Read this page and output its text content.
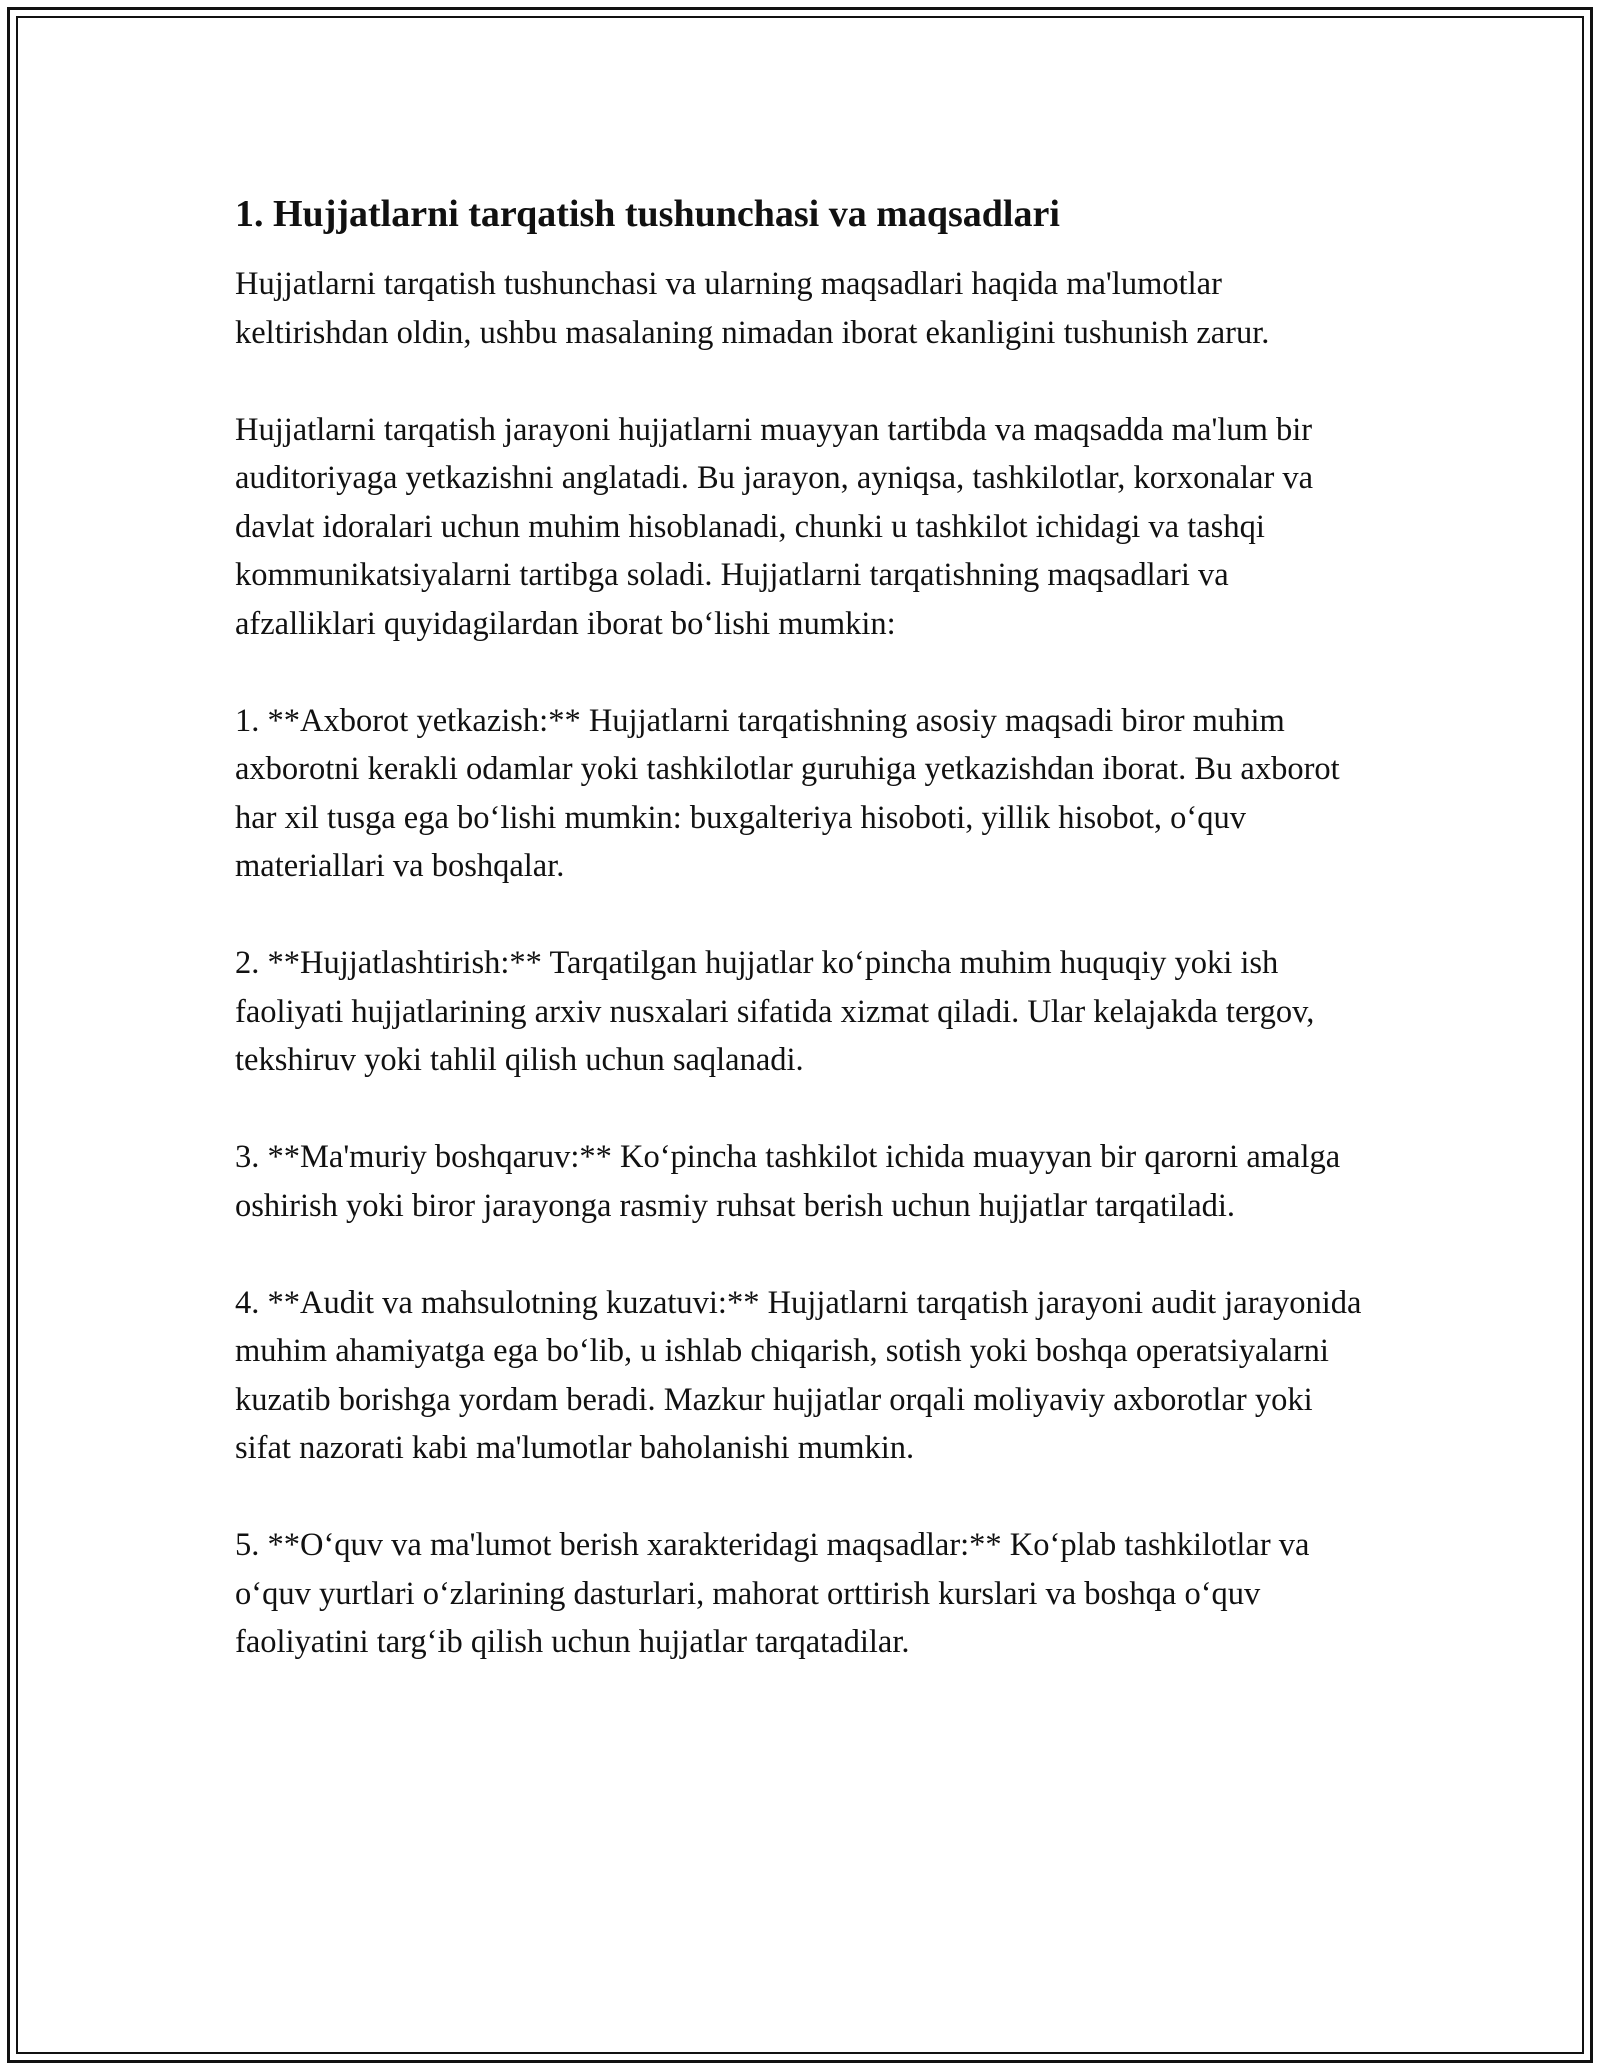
1. Hujjatlarni tarqatish tushunchasi va maqsadlari

Hujjatlarni tarqatish tushunchasi va ularning maqsadlari haqida ma'lumotlar keltirishdan oldin, ushbu masalaning nimadan iborat ekanligini tushunish zarur.

Hujjatlarni tarqatish jarayoni hujjatlarni muayyan tartibda va maqsadda ma'lum bir auditoriyaga yetkazishni anglatadi. Bu jarayon, ayniqsa, tashkilotlar, korxonalar va davlat idoralari uchun muhim hisoblanadi, chunki u tashkilot ichidagi va tashqi kommunikatsiyalarni tartibga soladi. Hujjatlarni tarqatishning maqsadlari va afzalliklari quyidagilardan iborat bo‘lishi mumkin:

1. **Axborot yetkazish:** Hujjatlarni tarqatishning asosiy maqsadi biror muhim axborotni kerakli odamlar yoki tashkilotlar guruhiga yetkazishdan iborat. Bu axborot har xil tusga ega bo‘lishi mumkin: buxgalteriya hisoboti, yillik hisobot, o‘quv materiallari va boshqalar.

2. **Hujjatlashtirish:** Tarqatilgan hujjatlar ko‘pincha muhim huquqiy yoki ish faoliyati hujjatlarining arxiv nusxalari sifatida xizmat qiladi. Ular kelajakda tergov, tekshiruv yoki tahlil qilish uchun saqlanadi.

3. **Ma'muriy boshqaruv:** Ko‘pincha tashkilot ichida muayyan bir qarorni amalga oshirish yoki biror jarayonga rasmiy ruhsat berish uchun hujjatlar tarqatiladi.

4. **Audit va mahsulotning kuzatuvi:** Hujjatlarni tarqatish jarayoni audit jarayonida muhim ahamiyatga ega bo‘lib, u ishlab chiqarish, sotish yoki boshqa operatsiyalarni kuzatib borishga yordam beradi. Mazkur hujjatlar orqali moliyaviy axborotlar yoki sifat nazorati kabi ma'lumotlar baholanishi mumkin.

5. **O‘quv va ma'lumot berish xarakteridagi maqsadlar:** Ko‘plab tashkilotlar va o‘quv yurtlari o‘zlarining dasturlari, mahorat orttirish kurslari va boshqa o‘quv faoliyatini targ‘ib qilish uchun hujjatlar tarqatadilar.
